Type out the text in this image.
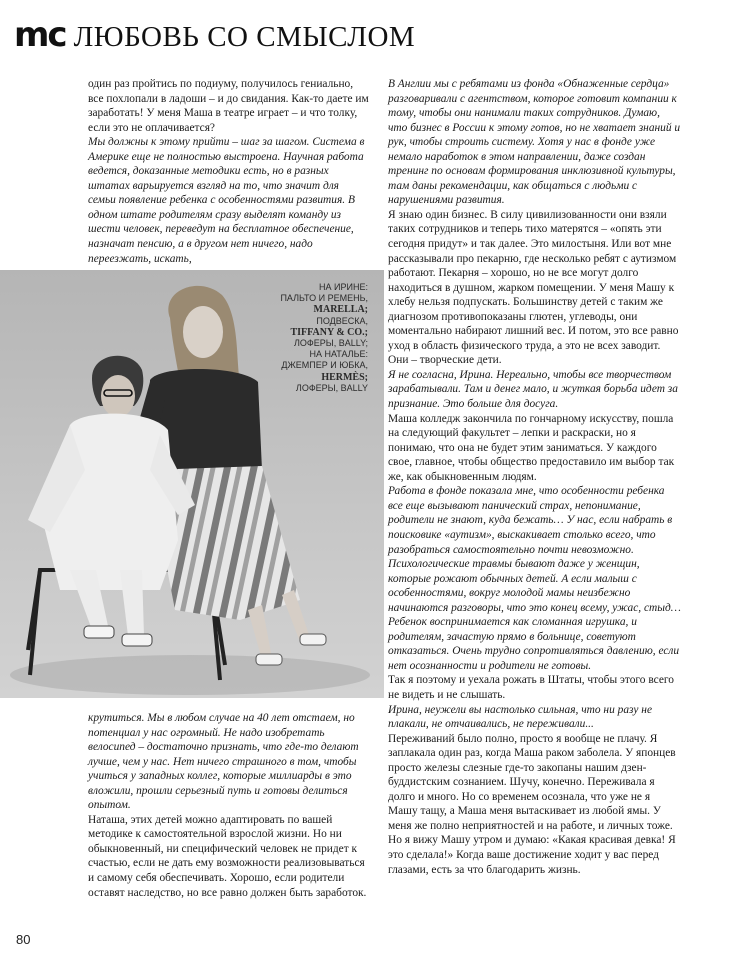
mc ЛЮБОВЬ СО СМЫСЛОМ

один раз пройтись по подиуму, получилось гениально, все похлопали в ладоши – и до свидания. Как-то даете им заработать! У меня Маша в театре играет – и что толку, если это не оплачивается?

Мы должны к этому прийти – шаг за шагом. Система в Америке еще не полностью выстроена. Научная работа ведется, доказанные методики есть, но в разных штатах варьируется взгляд на то, что значит для семьи появление ребенка с особенностями развития. В одном штате родителям сразу выделят команду из шести человек, переведут на бесплатное обеспечение, назначат пенсию, а в другом нет ничего, надо переезжать, искать,

НА ИРИНЕ:
ПАЛЬТО И РЕМЕНЬ,
MARELLA;
ПОДВЕСКА,
TIFFANY & CO.;
ЛОФЕРЫ, BALLY;
НА НАТАЛЬЕ:
ДЖЕМПЕР И ЮБКА,
HERMÈS;
ЛОФЕРЫ, BALLY

крутиться. Мы в любом случае на 40 лет отстаем, но потенциал у нас огромный. Не надо изобретать велосипед – достаточно признать, что где-то делают лучше, чем у нас. Нет ничего страшного в том, чтобы учиться у западных коллег, которые миллиарды в это вложили, прошли серьезный путь и готовы делиться опытом.

Наташа, этих детей можно адаптировать по вашей методике к самостоятельной взрослой жизни. Но ни обыкновенный, ни специфический человек не придет к счастью, если не дать ему возможности реализовываться и самому себя обеспечивать. Хорошо, если родители оставят наследство, но все равно должен быть заработок.

В Англии мы с ребятами из фонда «Обнаженные сердца» разговаривали с агентством, которое готовит компании к тому, чтобы они нанимали таких сотрудников. Думаю, что бизнес в России к этому готов, но не хватает знаний и рук, чтобы строить систему. Хотя у нас в фонде уже немало наработок в этом направлении, даже создан тренинг по основам формирования инклюзивной культуры, там даны рекомендации, как общаться с людьми с нарушениями развития.

Я знаю один бизнес. В силу цивилизованности они взяли таких сотрудников и теперь тихо матерятся – «опять эти сегодня придут» и так далее. Это милостыня. Или вот мне рассказывали про пекарню, где несколько ребят с аутизмом работают. Пекарня – хорошо, но не все могут долго находиться в душном, жарком помещении. У меня Машу к хлебу нельзя подпускать. Большинству детей с таким же диагнозом противопоказаны глютен, углеводы, они моментально набирают лишний вес. И потом, это все равно уход в область физического труда, а это не всех заводит. Они – творческие дети.

Я не согласна, Ирина. Нереально, чтобы все творчеством зарабатывали. Там и денег мало, и жуткая борьба идет за признание. Это больше для досуга.

Маша колледж закончила по гончарному искусству, пошла на следующий факультет – лепки и раскраски, но я понимаю, что она не будет этим заниматься. У каждого свое, главное, чтобы общество предоставило им выбор так же, как обыкновенным людям.

Работа в фонде показала мне, что особенности ребенка все еще вызывают панический страх, непонимание, родители не знают, куда бежать… У нас, если набрать в поисковике «аутизм», выскакивает столько всего, что разобраться самостоятельно почти невозможно. Психологические травмы бывают даже у женщин, которые рожают обычных детей. А если малыш с особенностями, вокруг молодой мамы неизбежно начинаются разговоры, что это конец всему, ужас, стыд… Ребенок воспринимается как сломанная игрушка, и родителям, зачастую прямо в больнице, советуют отказаться. Очень трудно сопротивляться давлению, если нет осознанности и родители не готовы.

Так я поэтому и уехала рожать в Штаты, чтобы этого всего не видеть и не слышать.

Ирина, неужели вы настолько сильная, что ни разу не плакали, не отчаивались, не переживали...

Переживаний было полно, просто я вообще не плачу. Я заплакала один раз, когда Маша раком заболела. У японцев просто железы слезные где-то закопаны нашим дзен-буддистским сознанием. Шучу, конечно. Переживала я долго и много. Но со временем осознала, что уже не я Машу тащу, а Маша меня вытаскивает из любой ямы. У меня же полно неприятностей и на работе, и личных тоже. Но я вижу Машу утром и думаю: «Какая красивая девка! Я это сделала!» Когда ваше достижение ходит у вас перед глазами, есть за что благодарить жизнь.

80
